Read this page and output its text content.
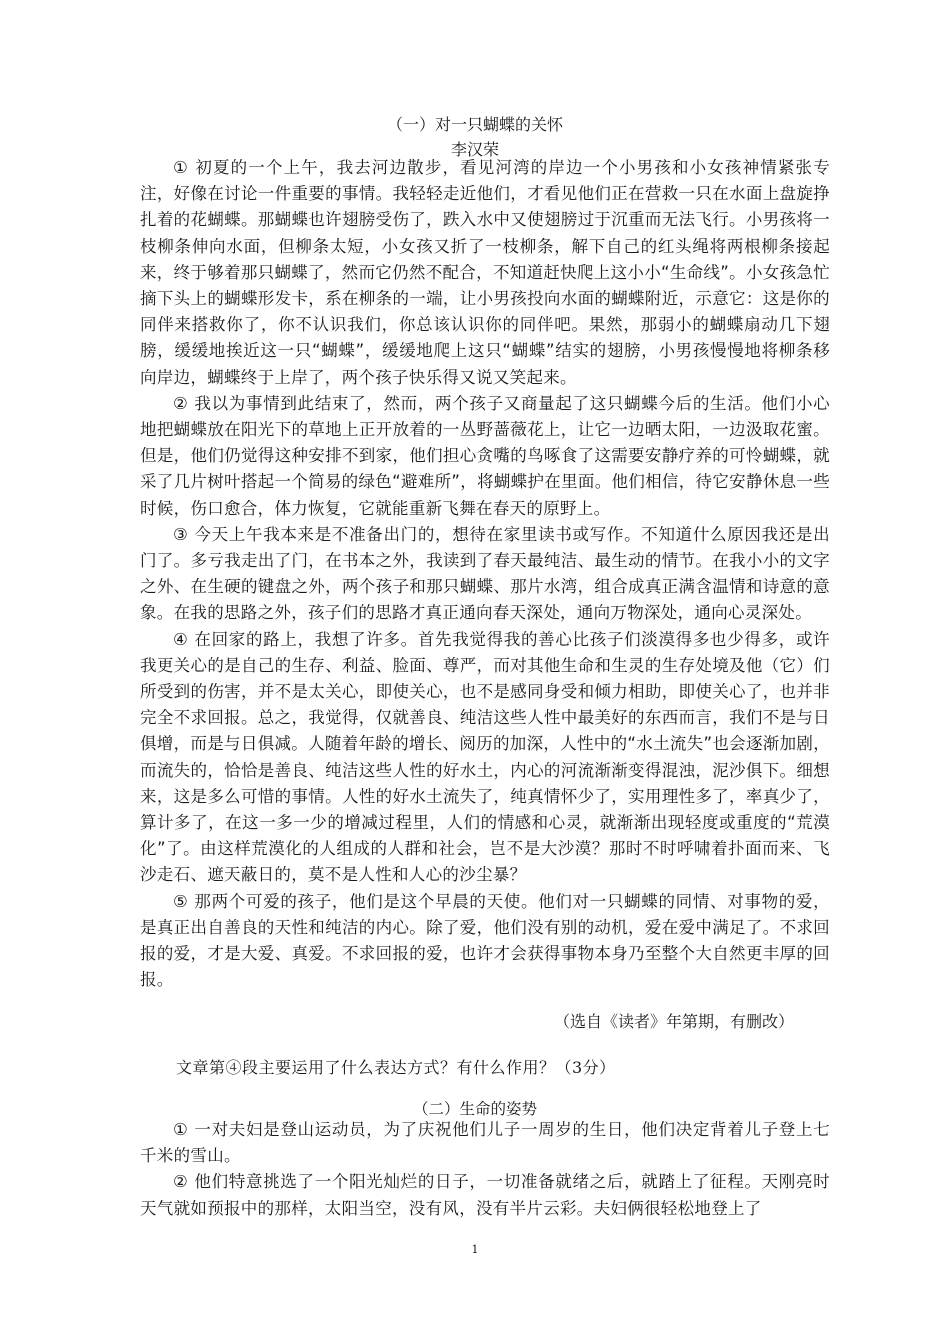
（一）对一只蝴蝶的关怀
李汉荣

① 初夏的一个上午，我去河边散步，看见河湾的岸边一个小男孩和小女孩神情紧张专注，好像在讨论一件重要的事情。我轻轻走近他们，才看见他们正在营救一只在水面上盘旋挣扎着的花蝴蝶。那蝴蝶也许翅膀受伤了，跌入水中又使翅膀过于沉重而无法飞行。小男孩将一枝柳条伸向水面，但柳条太短，小女孩又折了一枝柳条，解下自己的红头绳将两根柳条接起来，终于够着那只蝴蝶了，然而它仍然不配合，不知道赶快爬上这小小“生命线”。小女孩急忙摘下头上的蝴蝶形发卡，系在柳条的一端，让小男孩投向水面的蝴蝶附近，示意它：这是你的同伴来搭救你了，你不认识我们，你总该认识你的同伴吧。果然，那弱小的蝴蝶扇动几下翅膀，缓缓地挨近这一只“蝴蝶”，缓缓地爬上这只“蝴蝶”结实的翅膀，小男孩慢慢地将柳条移向岸边，蝴蝶终于上岸了，两个孩子快乐得又说又笑起来。

② 我以为事情到此结束了，然而，两个孩子又商量起了这只蝴蝶今后的生活。他们小心地把蝴蝶放在阳光下的草地上正开放着的一丛野蔷薇花上，让它一边晒太阳，一边汲取花蜜。但是，他们仍觉得这种安排不到家，他们担心贪嘴的鸟啄食了这需要安静疗养的可怜蝴蝶，就采了几片树叶搭起一个简易的绿色“避难所”，将蝴蝶护在里面。他们相信，待它安静休息一些时候，伤口愈合，体力恢复，它就能重新飞舞在春天的原野上。

③ 今天上午我本来是不准备出门的，想待在家里读书或写作。不知道什么原因我还是出门了。多亏我走出了门，在书本之外，我读到了春天最纯洁、最生动的情节。在我小小的文字之外、在生硬的键盘之外，两个孩子和那只蝴蝶、那片水湾，组合成真正满含温情和诗意的意象。在我的思路之外，孩子们的思路才真正通向春天深处，通向万物深处，通向心灵深处。

④ 在回家的路上，我想了许多。首先我觉得我的善心比孩子们淡漠得多也少得多，或许我更关心的是自己的生存、利益、脸面、尊严，而对其他生命和生灵的生存处境及他（它）们所受到的伤害，并不是太关心，即使关心，也不是感同身受和倾力相助，即使关心了，也并非完全不求回报。总之，我觉得，仅就善良、纯洁这些人性中最美好的东西而言，我们不是与日俱增，而是与日俱减。人随着年龄的增长、阅历的加深，人性中的“水土流失”也会逐渐加剧，而流失的，恰恰是善良、纯洁这些人性的好水土，内心的河流渐渐变得混浊，泥沙俱下。细想来，这是多么可惜的事情。人性的好水土流失了，纯真情怀少了，实用理性多了，率真少了，算计多了，在这一多一少的增减过程里，人们的情感和心灵，就渐渐出现轻度或重度的“荒漠化”了。由这样荒漠化的人组成的人群和社会，岂不是大沙漠？那时不时呼啸着扑面而来、飞沙走石、遮天蔽日的，莫不是人性和人心的沙尘暴？

⑤ 那两个可爱的孩子，他们是这个早晨的天使。他们对一只蝴蝶的同情、对事物的爱，是真正出自善良的天性和纯洁的内心。除了爱，他们没有别的动机，爱在爱中满足了。不求回报的爱，才是大爱、真爱。不求回报的爱，也许才会获得事物本身乃至整个大自然更丰厚的回报。

（选自《读者》年第期，有删改）
文章第④段主要运用了什么表达方式？有什么作用？（3分）
（二）生命的姿势

① 一对夫妇是登山运动员，为了庆祝他们儿子一周岁的生日，他们决定背着儿子登上七千米的雪山。

② 他们特意挑选了一个阳光灿烂的日子，一切准备就绪之后，就踏上了征程。天刚亮时天气就如预报中的那样，太阳当空，没有风，没有半片云彩。夫妇俩很轻松地登上了

1
